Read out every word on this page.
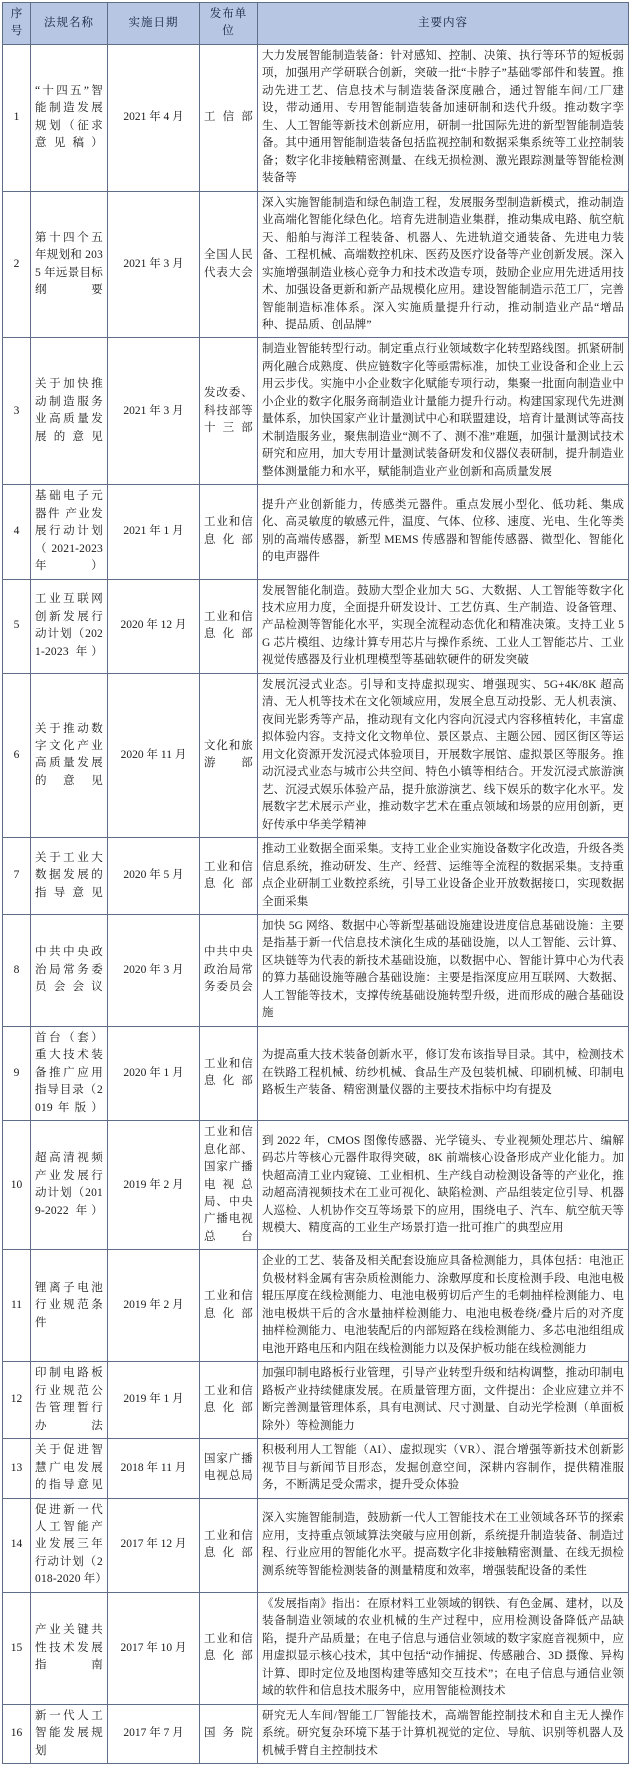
序号	法规名称	实施日期	发布单位	主要内容
1	“十四五”智能制造发展规划（征求意见稿）	2021 年 4 月	工信部	大力发展智能制造装备：针对感知、控制、决策、执行等环节的短板弱项，加强用产学研联合创新，突破一批“卡脖子”基础零部件和装置。推动先进工艺、信息技术与制造装备深度融合，通过智能车间/工厂建设，带动通用、专用智能制造装备加速研制和迭代升级。推动数字孪生、人工智能等新技术创新应用，研制一批国际先进的新型智能制造装备。其中通用智能制造装备包括监视控制和数据采集系统等工业控制装备；数字化非接触精密测量、在线无损检测、激光跟踪测量等智能检测装备等
2	第十四个五年规划和 2035 年远景目标纲要	2021 年 3 月	全国人民代表大会	深入实施智能制造和绿色制造工程，发展服务型制造新模式，推动制造业高端化智能化绿色化。培育先进制造业集群，推动集成电路、航空航天、船舶与海洋工程装备、机器人、先进轨道交通装备、先进电力装备、工程机械、高端数控机床、医药及医疗设备等产业创新发展。深入实施增强制造业核心竞争力和技术改造专项，鼓励企业应用先进适用技术、加强设备更新和新产品规模化应用。建设智能制造示范工厂，完善智能制造标准体系。深入实施质量提升行动，推动制造业产品“增品种、提品质、创品牌”
3	关于加快推动制造服务业高质量发展的意见	2021 年 3 月	发改委、科技部等十三部	制造业智能转型行动。制定重点行业领域数字化转型路线图。抓紧研制两化融合成熟度、供应链数字化等亟需标准，加快工业设备和企业上云用云步伐。实施中小企业数字化赋能专项行动，集聚一批面向制造业中小企业的数字化服务商制造业计量能力提升行动。构建国家现代先进测量体系，加快国家产业计量测试中心和联盟建设，培育计量测试等高技术制造服务业，聚焦制造业“测不了、测不准”难题，加强计量测试技术研究和应用，加大专用计量测试装备研发和仪器仪表研制，提升制造业整体测量能力和水平，赋能制造业产业创新和高质量发展
4	基础电子元器件 产业发展行动计划（2021-2023年）	2021 年 1 月	工业和信息化部	提升产业创新能力，传感类元器件。重点发展小型化、低功耗、集成化、高灵敏度的敏感元件，温度、气体、位移、速度、光电、生化等类别的高端传感器，新型 MEMS 传感器和智能传感器、微型化、智能化的电声器件
5	工业互联网创新发展行动计划（2021-2023 年）	2020 年 12 月	工业和信息化部	发展智能化制造。鼓励大型企业加大 5G、大数据、人工智能等数字化技术应用力度，全面提升研发设计、工艺仿真、生产制造、设备管理、产品检测等智能化水平，实现全流程动态优化和精准决策。支持工业 5G 芯片模组、边缘计算专用芯片与操作系统、工业人工智能芯片、工业视觉传感器及行业机理模型等基础软硬件的研发突破
6	关于推动数字文化产业高质量发展的意见	2020 年 11 月	文化和旅游部	发展沉浸式业态。引导和支持虚拟现实、增强现实、5G+4K/8K 超高清、无人机等技术在文化领域应用，发展全息互动投影、无人机表演、夜间光影秀等产品，推动现有文化内容向沉浸式内容移植转化，丰富虚拟体验内容。支持文化文物单位、景区景点、主题公园、园区街区等运用文化资源开发沉浸式体验项目，开展数字展馆、虚拟景区等服务。推动沉浸式业态与城市公共空间、特色小镇等相结合。开发沉浸式旅游演艺、沉浸式娱乐体验产品，提升旅游演艺、线下娱乐的数字化水平。发展数字艺术展示产业，推动数字艺术在重点领域和场景的应用创新，更好传承中华美学精神
7	关于工业大数据发展的指导意见	2020 年 5 月	工业和信息化部	推动工业数据全面采集。支持工业企业实施设备数字化改造，升级各类信息系统，推动研发、生产、经营、运维等全流程的数据采集。支持重点企业研制工业数控系统，引导工业设备企业开放数据接口，实现数据全面采集
8	中共中央政治局常务委员会会议	2020 年 3 月	中共中央政治局常务委员会	加快 5G 网络、数据中心等新型基础设施建设进度信息基础设施：主要是指基于新一代信息技术演化生成的基础设施，以人工智能、云计算、区块链等为代表的新技术基础设施，以数据中心、智能计算中心为代表的算力基础设施等融合基础设施：主要是指深度应用互联网、大数据、人工智能等技术，支撑传统基础设施转型升级，进而形成的融合基础设施
9	首台（套）重大技术装备推广应用指导目录（2019年版）	2020 年 1 月	工业和信息化部	为提高重大技术装备创新水平，修订发布该指导目录。其中，检测技术在铁路工程机械、纺纱机械、食品生产及包装机械、印刷机械、印制电路板生产装备、精密测量仪器的主要技术指标中均有提及
10	超高清视频产业发展行动计划（2019-2022 年）	2019 年 2 月	工业和信息化部、国家广播电视总局、中央广播电视总台	到 2022 年，CMOS 图像传感器、光学镜头、专业视频处理芯片、编解码芯片等核心元器件取得突破，8K 前端核心设备形成产业化能力。加快超高清工业内窥镜、工业相机、生产线自动检测设备等的产业化，推动超高清视频技术在工业可视化、缺陷检测、产品组装定位引导、机器人巡检、人机协作交互等场景下的应用，围绕电子、汽车、航空航天等规模大、精度高的工业生产场景打造一批可推广的典型应用
11	锂离子电池行业规范条件	2019 年 2 月	工业和信息化部	企业的工艺、装备及相关配套设施应具备检测能力，具体包括：电池正负极材料金属有害杂质检测能力、涂敷厚度和长度检测手段、电池电极辊压厚度在线检测能力、电池电极剪切后产生的毛刺抽样检测能力、电池电极烘干后的含水量抽样检测能力、电池电极卷绕/叠片后的对齐度抽样检测能力、电池装配后的内部短路在线检测能力、多芯电池组组成电池开路电压和内阻在线检测能力以及保护板功能在线检测能力
12	印制电路板行业规范公告管理暂行办法	2019 年 1 月	工业和信息化部	加强印制电路板行业管理，引导产业转型升级和结构调整，推动印制电路板产业持续健康发展。在质量管理方面，文件提出：企业应建立并不断完善测量管理体系，具有电测试、尺寸测量、自动光学检测（单面板除外）等检测能力
13	关于促进智慧广电发展的指导意见	2018 年 11 月	国家广播电视总局	积极利用人工智能（AI）、虚拟现实（VR）、混合增强等新技术创新影视节目与新闻节目形态，发掘创意空间，深耕内容制作，提供精准服务，不断满足受众需求，提升受众体验
14	促进新一代人工智能产业发展三年行动计划（2018-2020 年）	2017 年 12 月	工业和信息化部	深入实施智能制造，鼓励新一代人工智能技术在工业领域各环节的探索应用，支持重点领域算法突破与应用创新，系统提升制造装备、制造过程、行业应用的智能化水平。提高数字化非接触精密测量、在线无损检测系统等智能检测装备的测量精度和效率，增强装配设备的柔性
15	产业关键共性技术发展指南	2017 年 10 月	工业和信息化部	《发展指南》指出：在原材料工业领域的钢铁、有色金属、建材，以及装备制造业领域的农业机械的生产过程中，应用检测设备降低产品缺陷，提升产品质量；在电子信息与通信业领域的数字家庭音视频中，应用虚拟显示核心技术，其中包括“动作捕捉、传感融合、3D 摄像、异构计算、即时定位及地图构建等感知交互技术”；在电子信息与通信业领域的软件和信息技术服务中，应用智能检测技术
16	新一代人工智能发展规划	2017 年 7 月	国务院	研究无人车间/智能工厂智能技术，高端智能控制技术和自主无人操作系统。研究复杂环境下基于计算机视觉的定位、导航、识别等机器人及机械手臂自主控制技术
